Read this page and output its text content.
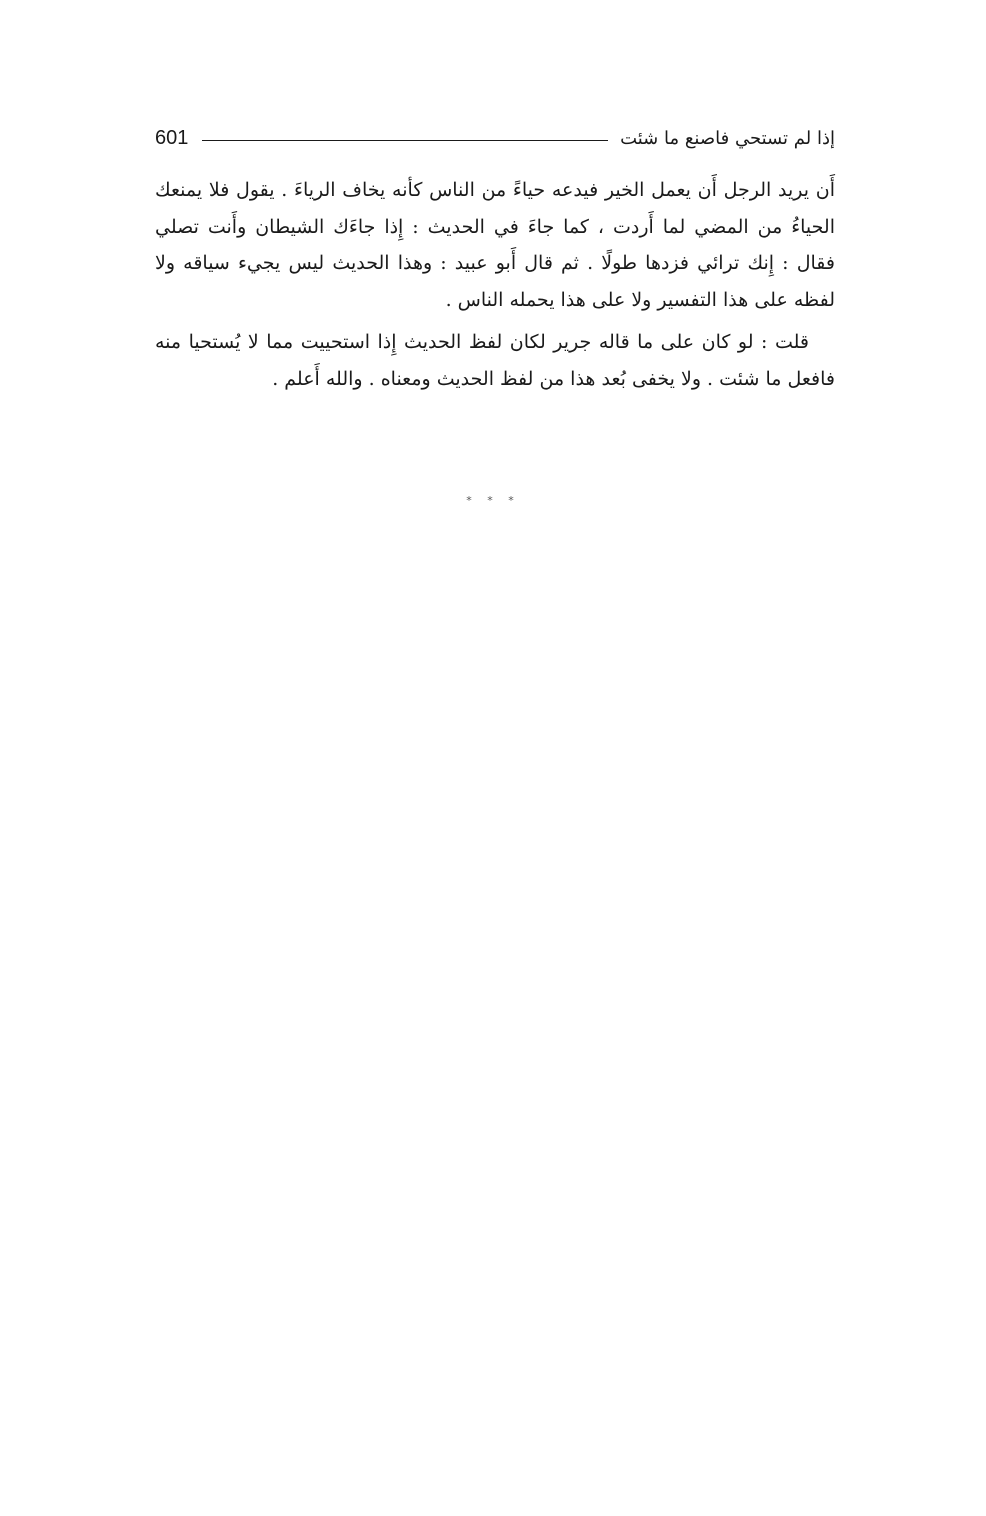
601	إذا لم تستحي فاصنع ما شئت

أَن يريد الرجل أَن يعمل الخير فيدعه حياءً من الناس كأنه يخاف الرياءَ . يقول فلا يمنعك الحياءُ من المضي لما أَردت ، كما جاءَ في الحديث : إِذا جاءَك الشيطان وأَنت تصلي فقال : إِنك ترائي فزدها طولًا . ثم قال أَبو عبيد : وهذا الحديث ليس يجيء سياقه ولا لفظه على هذا التفسير ولا على هذا يحمله الناس .

قلت : لو كان على ما قاله جرير لكان لفظ الحديث إِذا استحييت مما لا يُستحيا منه فافعل ما شئت . ولا يخفى بُعد هذا من لفظ الحديث ومعناه . والله أَعلم .

* * *
